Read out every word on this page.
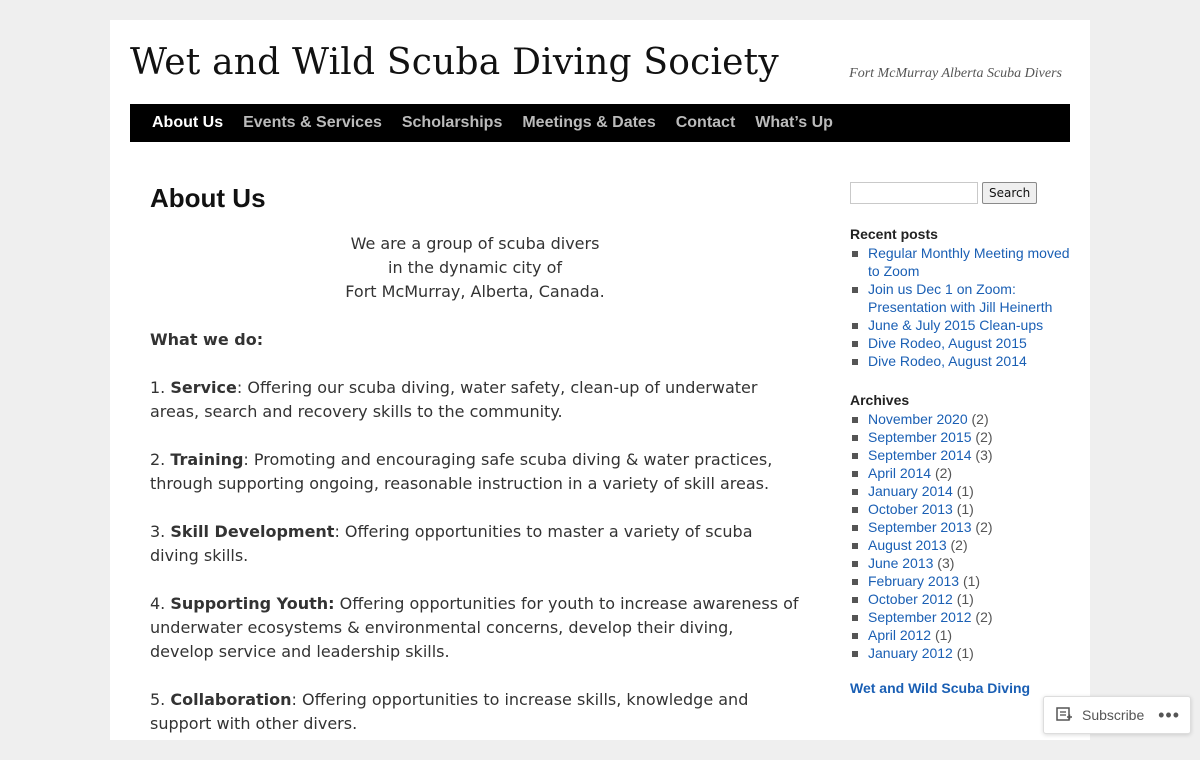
Wet and Wild Scuba Diving Society	Fort McMurray Alberta Scuba Divers
About Us	Events & Services	Scholarships	Meetings & Dates	Contact	What’s Up
About Us

We are a group of scuba divers
in the dynamic city of
Fort McMurray, Alberta, Canada.

What we do:

1. Service: Offering our scuba diving, water safety, clean-up of underwater areas, search and recovery skills to the community.

2. Training: Promoting and encouraging safe scuba diving & water practices, through supporting ongoing, reasonable instruction in a variety of skill areas.

3. Skill Development: Offering opportunities to master a variety of scuba diving skills.

4. Supporting Youth: Offering opportunities for youth to increase awareness of underwater ecosystems & environmental concerns, develop their diving, develop service and leadership skills.

5. Collaboration: Offering opportunities to increase skills, knowledge and support with other divers.

Search
Recent posts
Regular Monthly Meeting moved to Zoom
Join us Dec 1 on Zoom: Presentation with Jill Heinerth
June & July 2015 Clean-ups
Dive Rodeo, August 2015
Dive Rodeo, August 2014
Archives
November 2020 (2)
September 2015 (2)
September 2014 (3)
April 2014 (2)
January 2014 (1)
October 2013 (1)
September 2013 (2)
August 2013 (2)
June 2013 (3)
February 2013 (1)
October 2012 (1)
September 2012 (2)
April 2012 (1)
January 2012 (1)
Wet and Wild Scuba Diving
Subscribe •••
